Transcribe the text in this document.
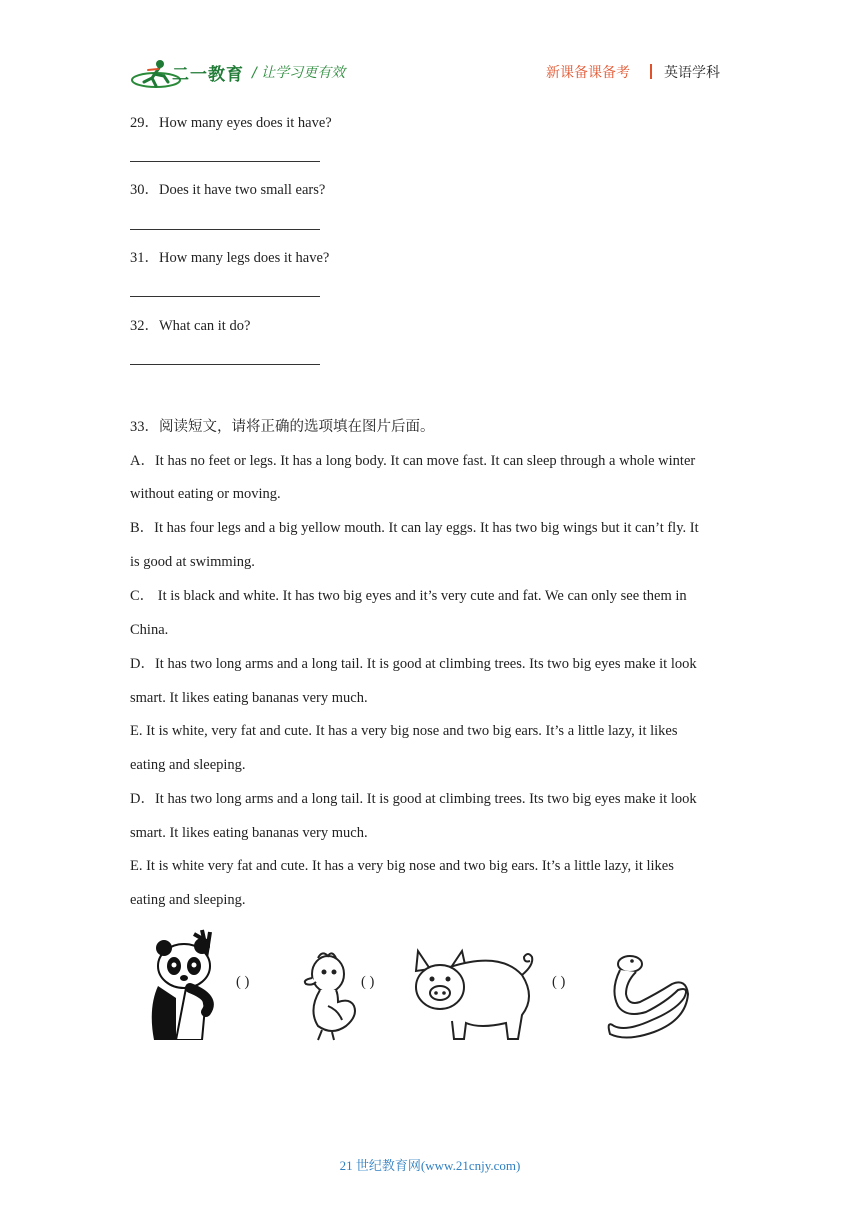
二一教育 / 让学习更有效	新课备课备考 英语学科
29．How many eyes does it have?
30．Does it have two small ears?
31．How many legs does it have?
32．What can it do?
33．阅读短文，请将正确的选项填在图片后面。
A．It has no feet or legs. It has a long body. It can move fast. It can sleep through a whole winter
without eating or moving.
B．It has four legs and a big yellow mouth. It can lay eggs. It has two big wings but it can’t fly. It
is good at swimming.
C． It is black and white. It has two big eyes and it’s very cute and fat. We can only see them in
China.
D．It has two long arms and a long tail. It is good at climbing trees. Its two big eyes make it look
smart. It likes eating bananas very much.
E. It is white, very fat and cute. It has a very big nose and two big ears. It’s a little lazy, it likes
eating and sleeping.
D．It has two long arms and a long tail. It is good at climbing trees. Its two big eyes make it look
smart. It likes eating bananas very much.
E. It is white very fat and cute. It has a very big nose and two big ears. It’s a little lazy, it likes
eating and sleeping.
( )	( )	( )
21 世纪教育网(www.21cnjy.com)
